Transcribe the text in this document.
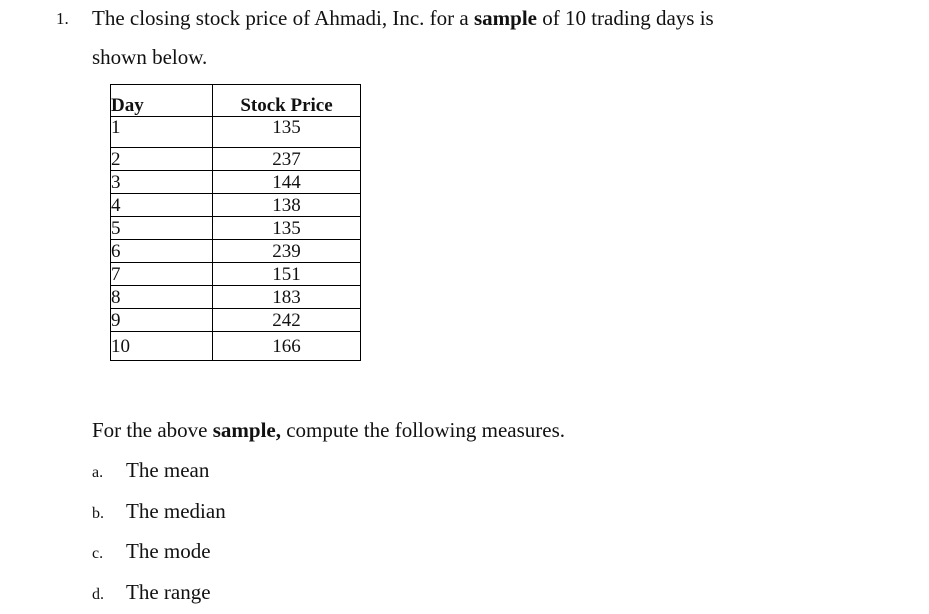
1. The closing stock price of Ahmadi, Inc. for a sample of 10 trading days is
shown below.
Day	Stock Price
1	135
2	237
3	144
4	138
5	135
6	239
7	151
8	183
9	242
10	166
For the above sample, compute the following measures.
a. The mean
b. The median
c. The mode
d. The range
